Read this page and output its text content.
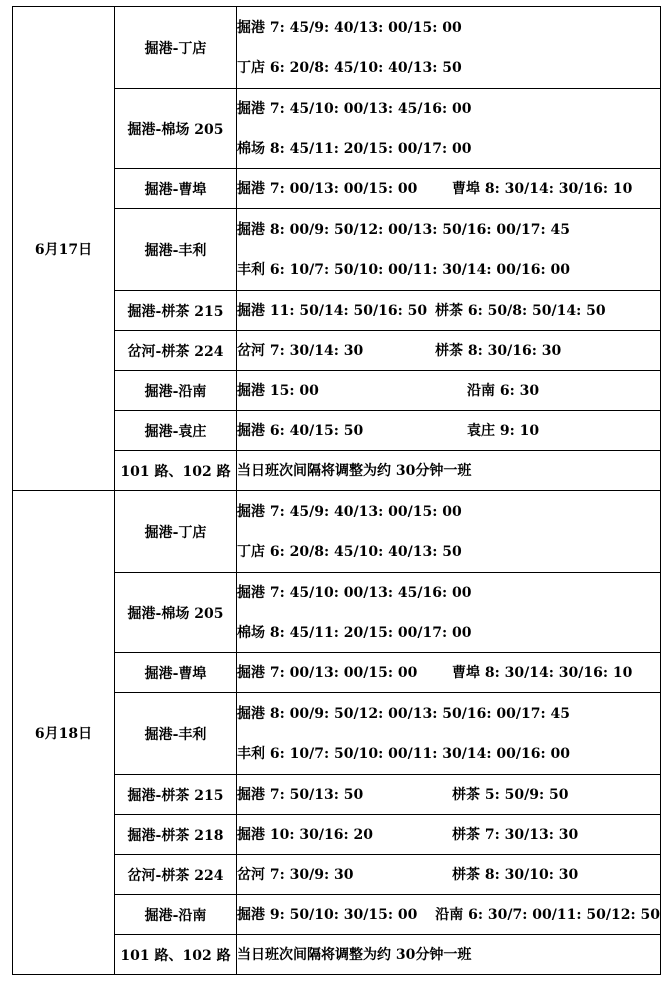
6月17日	掘港-丁店	掘港 7: 45/9: 40/13: 00/15: 00
丁店 6: 20/8: 45/10: 40/13: 50

	掘港-棉场 205	掘港 7: 45/10: 00/13: 45/16: 00
棉场 8: 45/11: 20/15: 00/17: 00

	掘港-曹埠	掘港 7: 00/13: 00/15: 00 曹埠 8: 30/14: 30/16: 10

	掘港-丰利	掘港 8: 00/9: 50/12: 00/13: 50/16: 00/17: 45
丰利 6: 10/7: 50/10: 00/11: 30/14: 00/16: 00

	掘港-栟茶 215	掘港 11: 50/14: 50/16: 50 栟茶 6: 50/8: 50/14: 50

	岔河-栟茶 224	岔河 7: 30/14: 30 栟茶 8: 30/16: 30

	掘港-沿南	掘港 15: 00 沿南 6: 30

	掘港-袁庄	掘港 6: 40/15: 50 袁庄 9: 10

	101 路、102 路	当日班次间隔将调整为约 30分钟一班

6月18日	掘港-丁店	掘港 7: 45/9: 40/13: 00/15: 00
丁店 6: 20/8: 45/10: 40/13: 50

	掘港-棉场 205	掘港 7: 45/10: 00/13: 45/16: 00
棉场 8: 45/11: 20/15: 00/17: 00

	掘港-曹埠	掘港 7: 00/13: 00/15: 00 曹埠 8: 30/14: 30/16: 10

	掘港-丰利	掘港 8: 00/9: 50/12: 00/13: 50/16: 00/17: 45
丰利 6: 10/7: 50/10: 00/11: 30/14: 00/16: 00

	掘港-栟茶 215	掘港 7: 50/13: 50 栟茶 5: 50/9: 50

	掘港-栟茶 218	掘港 10: 30/16: 20 栟茶 7: 30/13: 30

	岔河-栟茶 224	岔河 7: 30/9: 30 栟茶 8: 30/10: 30

	掘港-沿南	掘港 9: 50/10: 30/15: 00 沿南 6: 30/7: 00/11: 50/12: 50

	101 路、102 路	当日班次间隔将调整为约 30分钟一班
